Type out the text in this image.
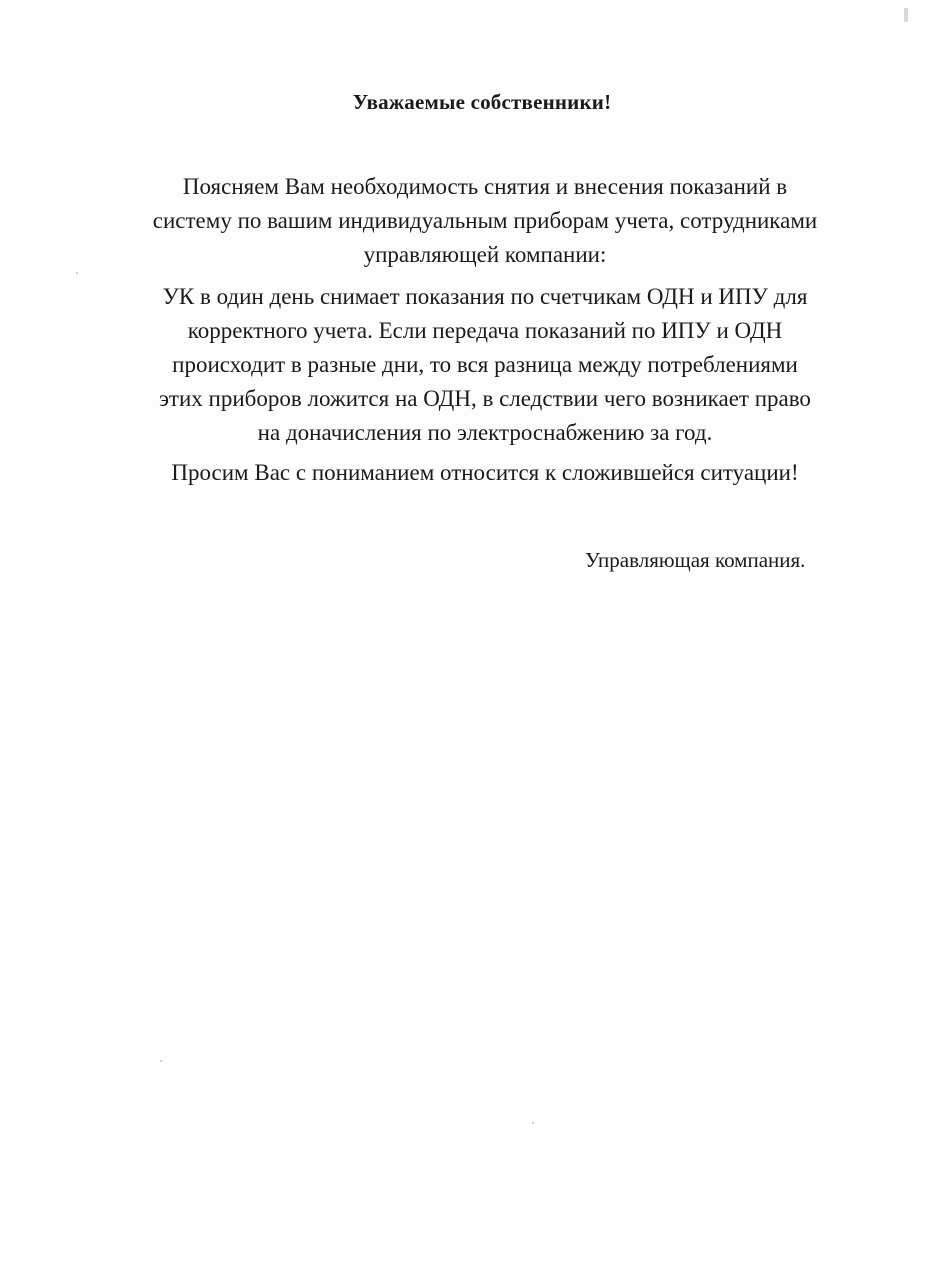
Уважаемые собственники!
Поясняем Вам необходимость снятия и внесения показаний в
систему по вашим индивидуальным приборам учета, сотрудниками
управляющей компании:
УК в один день снимает показания по счетчикам ОДН и ИПУ для
корректного учета. Если передача показаний по ИПУ и ОДН
происходит в разные дни, то вся разница между потреблениями
этих приборов ложится на ОДН, в следствии чего возникает право
на доначисления по электроснабжению за год.
Просим Вас с пониманием относится к сложившейся ситуации!
Управляющая компания.
